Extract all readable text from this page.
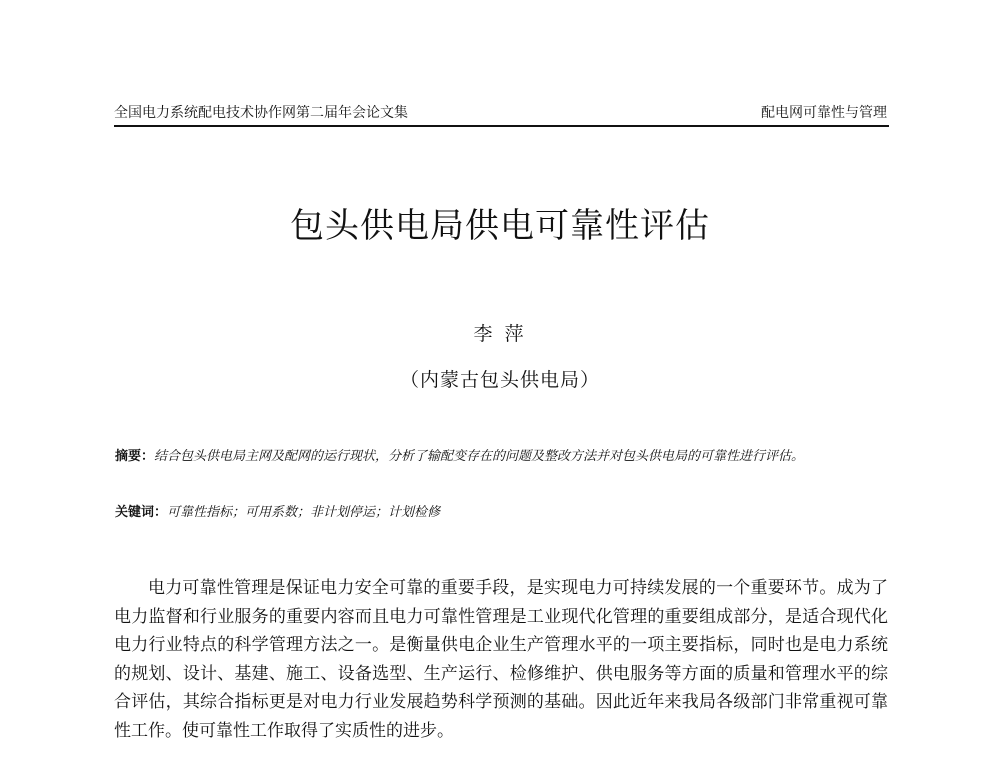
全国电力系统配电技术协作网第二届年会论文集	配电网可靠性与管理
包头供电局供电可靠性评估
李 萍
（内蒙古包头供电局）
摘要：结合包头供电局主网及配网的运行现状，分析了输配变存在的问题及整改方法并对包头供电局的可靠性进行评估。
关键词：可靠性指标；可用系数；非计划停运；计划检修

电力可靠性管理是保证电力安全可靠的重要手段，是实现电力可持续发展的一个重要环节。成为了电力监督和行业服务的重要内容而且电力可靠性管理是工业现代化管理的重要组成部分，是适合现代化电力行业特点的科学管理方法之一。是衡量供电企业生产管理水平的一项主要指标，同时也是电力系统的规划、设计、基建、施工、设备选型、生产运行、检修维护、供电服务等方面的质量和管理水平的综合评估，其综合指标更是对电力行业发展趋势科学预测的基础。因此近年来我局各级部门非常重视可靠性工作。使可靠性工作取得了实质性的进步。
